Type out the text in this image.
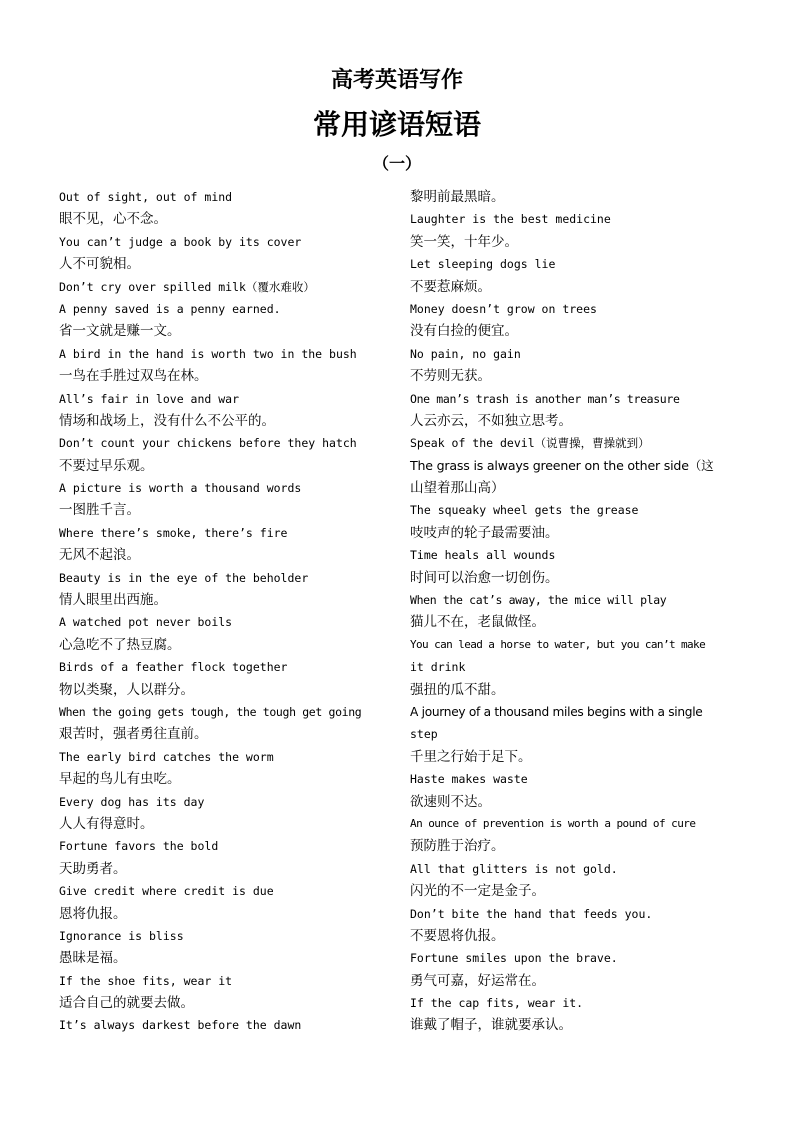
高考英语写作
常用谚语短语
（一）
Out of sight, out of mind
眼不见，心不念。
You can’t judge a book by its cover
人不可貌相。
Don’t cry over spilled milk（覆水难收）
A penny saved is a penny earned.
省一文就是赚一文。
A bird in the hand is worth two in the bush
一鸟在手胜过双鸟在林。
All’s fair in love and war
情场和战场上，没有什么不公平的。
Don’t count your chickens before they hatch
不要过早乐观。
A picture is worth a thousand words
一图胜千言。
Where there’s smoke, there’s fire
无风不起浪。
Beauty is in the eye of the beholder
情人眼里出西施。
A watched pot never boils
心急吃不了热豆腐。
Birds of a feather flock together
物以类聚，人以群分。
When the going gets tough, the tough get going
艰苦时，强者勇往直前。
The early bird catches the worm
早起的鸟儿有虫吃。
Every dog has its day
人人有得意时。
Fortune favors the bold
天助勇者。
Give credit where credit is due
恩将仇报。
Ignorance is bliss
愚昧是福。
If the shoe fits, wear it
适合自己的就要去做。
It’s always darkest before the dawn
黎明前最黑暗。
Laughter is the best medicine
笑一笑，十年少。
Let sleeping dogs lie
不要惹麻烦。
Money doesn’t grow on trees
没有白捡的便宜。
No pain, no gain
不劳则无获。
One man’s trash is another man’s treasure
人云亦云，不如独立思考。
Speak of the devil（说曹操，曹操就到）
The grass is always greener on the other side（这
山望着那山高）
The squeaky wheel gets the grease
吱吱声的轮子最需要油。
Time heals all wounds
时间可以治愈一切创伤。
When the cat’s away, the mice will play
猫儿不在，老鼠做怪。
You can lead a horse to water, but you can’t make
it drink
强扭的瓜不甜。
A journey of a thousand miles begins with a single
step
千里之行始于足下。
Haste makes waste
欲速则不达。
An ounce of prevention is worth a pound of cure
预防胜于治疗。
All that glitters is not gold.
闪光的不一定是金子。
Don’t bite the hand that feeds you.
不要恩将仇报。
Fortune smiles upon the brave.
勇气可嘉，好运常在。
If the cap fits, wear it.
谁戴了帽子，谁就要承认。
